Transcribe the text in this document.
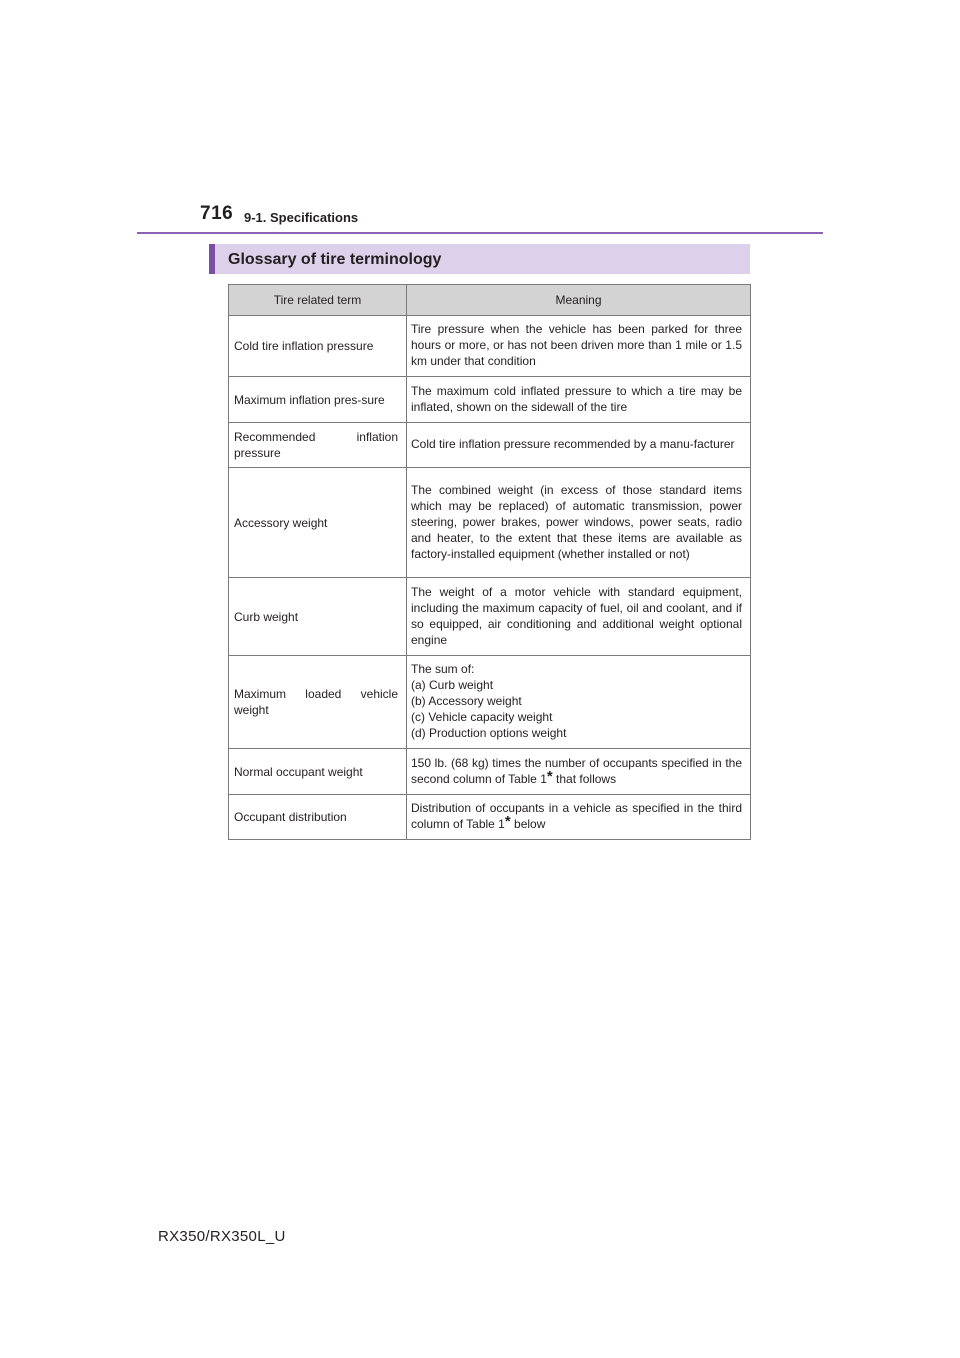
716 9-1. Specifications
Glossary of tire terminology
Tire related term	Meaning
Cold tire inflation pressure	Tire pressure when the vehicle has been parked for three hours or more, or has not been driven more than 1 mile or 1.5 km under that condition
Maximum inflation pres-sure	The maximum cold inflated pressure to which a tire may be inflated, shown on the sidewall of the tire
Recommended inflation pressure	Cold tire inflation pressure recommended by a manu-facturer
Accessory weight	The combined weight (in excess of those standard items which may be replaced) of automatic transmission, power steering, power brakes, power windows, power seats, radio and heater, to the extent that these items are available as factory-installed equipment (whether installed or not)
Curb weight	The weight of a motor vehicle with standard equipment, including the maximum capacity of fuel, oil and coolant, and if so equipped, air conditioning and additional weight optional engine
Maximum loaded vehicle weight	The sum of:
(a) Curb weight
(b) Accessory weight
(c) Vehicle capacity weight
(d) Production options weight

Normal occupant weight	150 lb. (68 kg) times the number of occupants specified in the second column of Table 1* that follows
Occupant distribution	Distribution of occupants in a vehicle as specified in the third column of Table 1* below
RX350/RX350L_U
